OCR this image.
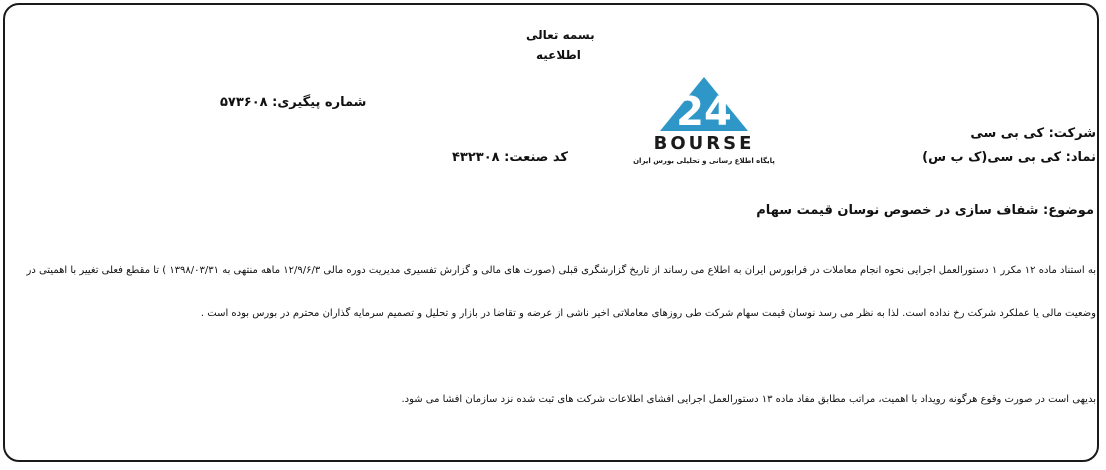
بسمه تعالی
اطلاعیه
شماره پیگیری: ۵۷۳۶۰۸	24
BOURSE
پایگاه اطلاع رسانی و تحلیلی بورس ایران
شرکت: کی بی سی
نماد: کی بی سی(ک ب س)
کد صنعت: ۴۳۲۳۰۸
موضوع: شفاف سازی در خصوص نوسان قیمت سهام
به استناد ماده ۱۲ مکرر ۱ دستورالعمل اجرایی نحوه انجام معاملات در فرابورس ایران به اطلاع می رساند از تاریخ گزارشگری قبلی (صورت های مالی و گزارش تفسیری مدیریت دوره مالی ۱۲/۹/۶/۳ ماهه منتهی به ۱۳۹۸/۰۳/۳۱ ) تا مقطع فعلی تغییر با اهمیتی در
وضعیت مالی یا عملکرد شرکت رخ نداده است. لذا به نظر می رسد نوسان قیمت سهام شرکت طی روزهای معاملاتی اخیر ناشی از عرضه و تقاضا در بازار و تحلیل و تصمیم سرمایه گذاران محترم در بورس بوده است .
بدیهی است در صورت وقوع هرگونه رویداد با اهمیت، مراتب مطابق مفاد ماده ۱۳ دستورالعمل اجرایی افشای اطلاعات شرکت های ثبت شده نزد سازمان افشا می شود.
